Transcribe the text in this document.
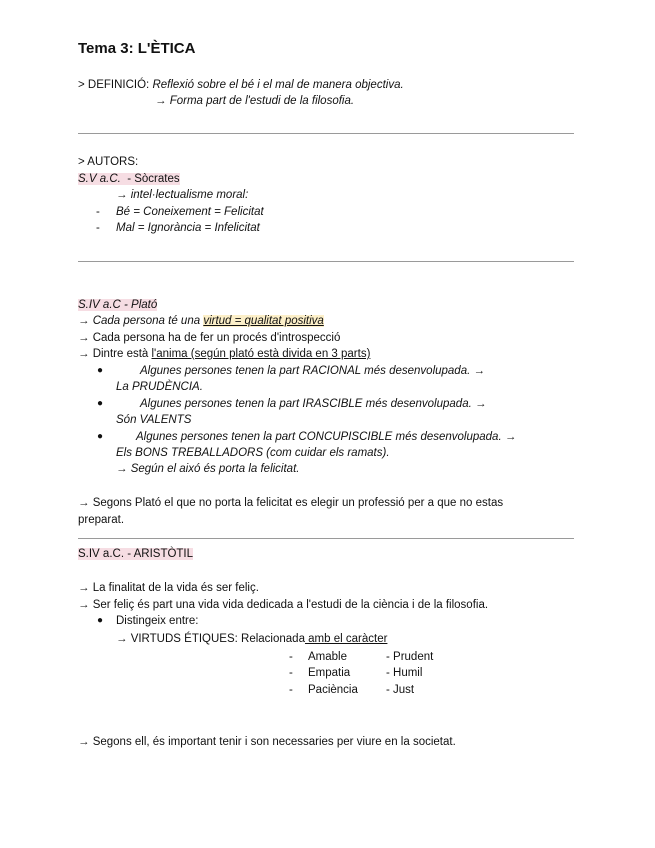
Tema 3: L'ÈTICA
> DEFINICIÓ: Reflexió sobre el bé i el mal de manera objectiva.
→ Forma part de l'estudi de la filosofia.
> AUTORS:
S.V a.C.  - Sòcrates
→ intel·lectualisme moral:
- Bé = Coneixement = Felicitat
- Mal = Ignorància = Infelicitat
S.IV a.C - Plató
→ Cada persona té una virtud = qualitat positiva
→ Cada persona ha de fer un procés d'introspecció
→ Dintre està l'anima (según plató està divida en 3 parts)
●	Algunes persones tenen la part RACIONAL més desenvolupada. →
La PRUDÈNCIA.
●	Algunes persones tenen la part IRASCIBLE més desenvolupada. →
Són VALENTS
●	Algunes persones tenen la part CONCUPISCIBLE més desenvolupada. →
Els BONS TREBALLADORS (com cuidar els ramats).
→ Según el aixó és porta la felicitat.
→ Segons Plató el que no porta la felicitat es elegir un professió per a que no estas
preparat.
S.IV a.C. - ARISTÒTIL
→ La finalitat de la vida és ser feliç.
→ Ser feliç és part una vida vida dedicada a l'estudi de la ciència i de la filosofia.
● Distingeix entre:
→ VIRTUDS ÉTIQUES: Relacionada amb el caràcter
- Amable	- Prudent
- Empatia	- Humil
- Paciència - Just
→ Segons ell, és important tenir i son necessaries per viure en la societat.
